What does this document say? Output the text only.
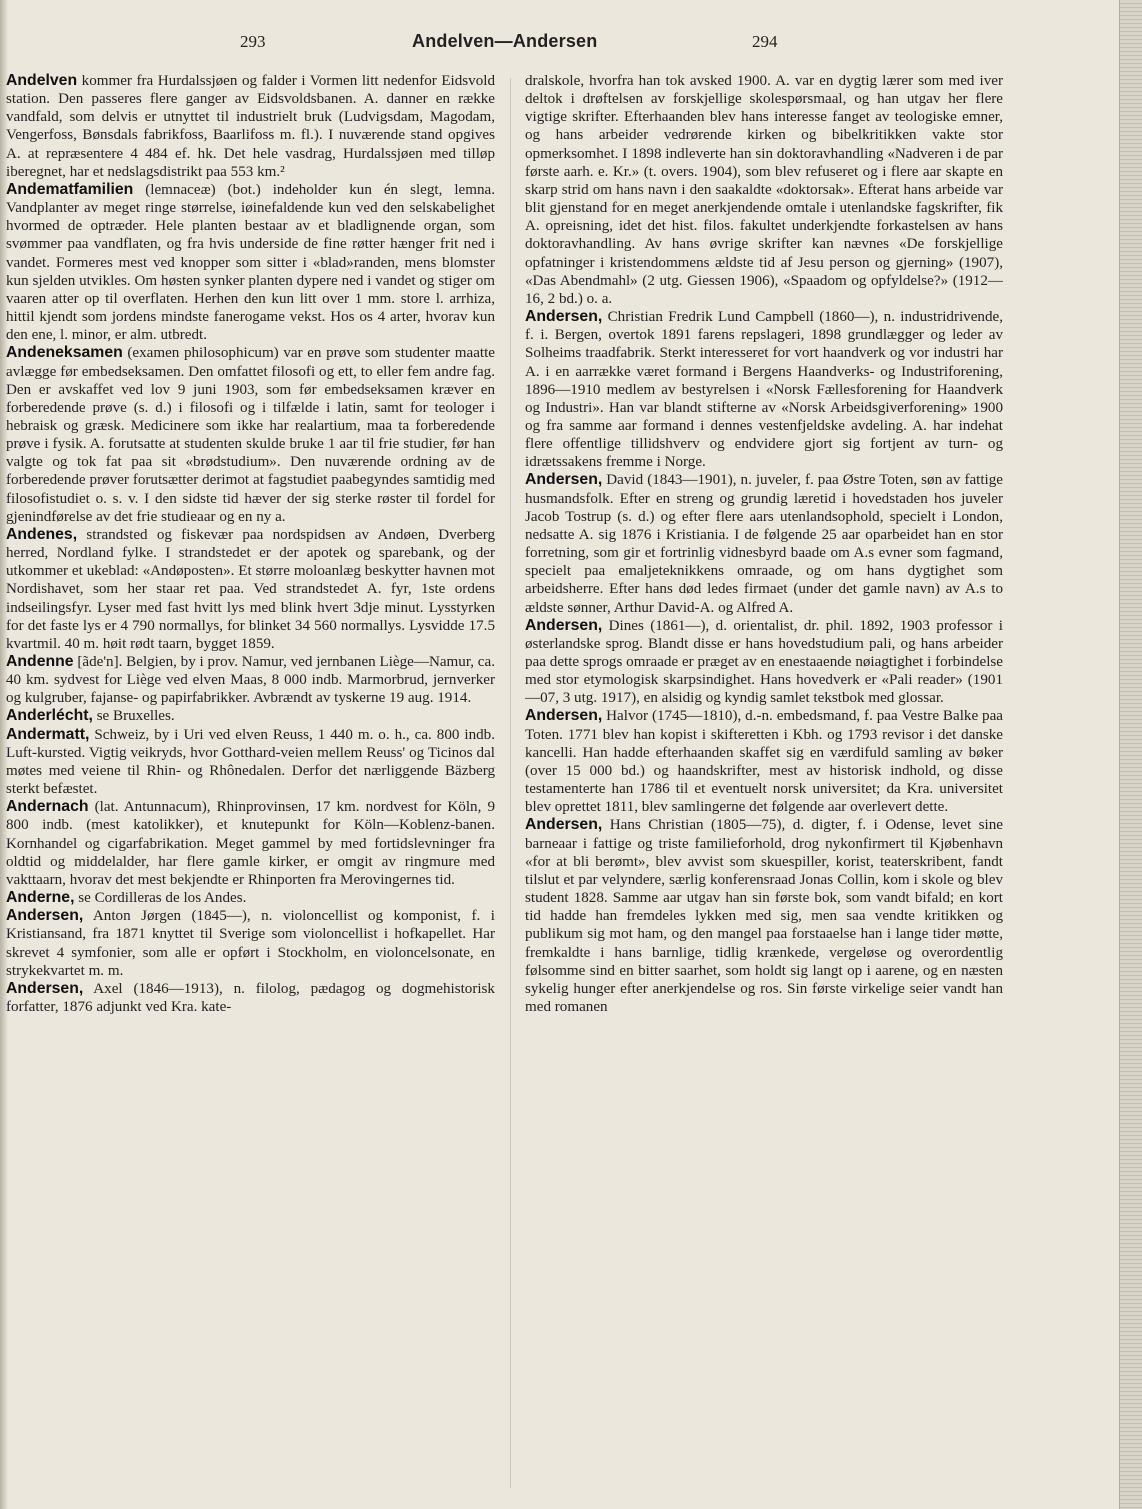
293	Andelven—Andersen	294
Andelven kommer fra Hurdalssjøen og falder i Vormen litt nedenfor Eidsvold station. Den passeres flere ganger av Eidsvoldsbanen. A. danner en række vandfald, som delvis er utnyttet til industrielt bruk (Ludvigsdam, Magodam, Vengerfoss, Bønsdals fabrikfoss, Baarlifoss m. fl.). I nuværende stand opgives A. at repræsentere 4 484 ef. hk. Det hele vasdrag, Hurdalssjøen med tilløp iberegnet, har et nedslagsdistrikt paa 553 km.²
Andematfamilien (lemnaceæ) (bot.) indeholder kun én slegt, lemna. Vandplanter av meget ringe størrelse, iøinefaldende kun ved den selskabelighet hvormed de optræder. Hele planten bestaar av et bladlignende organ, som svømmer paa vandflaten, og fra hvis underside de fine røtter hænger frit ned i vandet. Formeres mest ved knopper som sitter i «blad»randen, mens blomster kun sjelden utvikles. Om høsten synker planten dypere ned i vandet og stiger om vaaren atter op til overflaten. Herhen den kun litt over 1 mm. store l. arrhiza, hittil kjendt som jordens mindste fanerogame vekst. Hos os 4 arter, hvorav kun den ene, l. minor, er alm. utbredt.
Andeneksamen (examen philosophicum) var en prøve som studenter maatte avlægge før embedseksamen. Den omfattet filosofi og ett, to eller fem andre fag. Den er avskaffet ved lov 9 juni 1903, som før embedseksamen kræver en forberedende prøve (s. d.) i filosofi og i tilfælde i latin, samt for teologer i hebraisk og græsk. Medicinere som ikke har realartium, maa ta forberedende prøve i fysik. A. forutsatte at studenten skulde bruke 1 aar til frie studier, før han valgte og tok fat paa sit «brødstudium». Den nuværende ordning av de forberedende prøver forutsætter derimot at fagstudiet paabegyndes samtidig med filosofistudiet o. s. v. I den sidste tid hæver der sig sterke røster til fordel for gjenindførelse av det frie studieaar og en ny a.
Andenes, strandsted og fiskevær paa nordspidsen av Andøen, Dverberg herred, Nordland fylke. I strandstedet er der apotek og sparebank, og der utkommer et ukeblad: «Andøposten». Et større moloanlæg beskytter havnen mot Nordishavet, som her staar ret paa. Ved strandstedet A. fyr, 1ste ordens indseilingsfyr. Lyser med fast hvitt lys med blink hvert 3dje minut. Lysstyrken for det faste lys er 4 790 normallys, for blinket 34 560 normallys. Lysvidde 17.5 kvartmil. 40 m. høit rødt taarn, bygget 1859.
Andenne [ãde'n]. Belgien, by i prov. Namur, ved jernbanen Liège—Namur, ca. 40 km. sydvest for Liège ved elven Maas, 8 000 indb. Marmorbrud, jernverker og kulgruber, fajanse- og papirfabrikker. Avbrændt av tyskerne 19 aug. 1914.
Anderlécht, se Bruxelles.
Andermatt, Schweiz, by i Uri ved elven Reuss, 1 440 m. o. h., ca. 800 indb. Luft-kursted. Vigtig veikryds, hvor Gotthard-veien mellem Reuss' og Ticinos dal møtes med veiene til Rhin- og Rhônedalen. Derfor det nærliggende Bäzberg sterkt befæstet.
Andernach (lat. Antunnacum), Rhinprovinsen, 17 km. nordvest for Köln, 9 800 indb. (mest katolikker), et knutepunkt for Köln—Koblenz-banen. Kornhandel og cigarfabrikation. Meget gammel by med fortidslevninger fra oldtid og middelalder, har flere gamle kirker, er omgit av ringmure med vakttaarn, hvorav det mest bekjendte er Rhinporten fra Merovingernes tid.
Anderne, se Cordilleras de los Andes.
Andersen, Anton Jørgen (1845—), n. violoncellist og komponist, f. i Kristiansand, fra 1871 knyttet til Sverige som violoncellist i hofkapellet. Har skrevet 4 symfonier, som alle er opført i Stockholm, en violoncelsonate, en strykekvartet m. m.
Andersen, Axel (1846—1913), n. filolog, pædagog og dogmehistorisk forfatter, 1876 adjunkt ved Kra. kate-
dralskole, hvorfra han tok avsked 1900. A. var en dygtig lærer som med iver deltok i drøftelsen av forskjellige skolespørsmaal, og han utgav her flere vigtige skrifter. Efterhaanden blev hans interesse fanget av teologiske emner, og hans arbeider vedrørende kirken og bibelkritikken vakte stor opmerksomhet. I 1898 indleverte han sin doktoravhandling «Nadveren i de par første aarh. e. Kr.» (t. overs. 1904), som blev refuseret og i flere aar skapte en skarp strid om hans navn i den saakaldte «doktorsak». Efterat hans arbeide var blit gjenstand for en meget anerkjendende omtale i utenlandske fagskrifter, fik A. opreisning, idet det hist. filos. fakultet underkjendte forkastelsen av hans doktoravhandling. Av hans øvrige skrifter kan nævnes «De forskjellige opfatninger i kristendommens ældste tid af Jesu person og gjerning» (1907), «Das Abendmahl» (2 utg. Giessen 1906), «Spaadom og opfyldelse?» (1912—16, 2 bd.) o. a.
Andersen, Christian Fredrik Lund Campbell (1860—), n. industridrivende, f. i. Bergen, overtok 1891 farens repslageri, 1898 grundlægger og leder av Solheims traadfabrik. Sterkt interesseret for vort haandverk og vor industri har A. i en aarrække været formand i Bergens Haandverks- og Industriforening, 1896—1910 medlem av bestyrelsen i «Norsk Fællesforening for Haandverk og Industri». Han var blandt stifterne av «Norsk Arbeidsgiverforening» 1900 og fra samme aar formand i dennes vestenfjeldske avdeling. A. har indehat flere offentlige tillidshverv og endvidere gjort sig fortjent av turn- og idrætssakens fremme i Norge.
Andersen, David (1843—1901), n. juveler, f. paa Østre Toten, søn av fattige husmandsfolk. Efter en streng og grundig læretid i hovedstaden hos juveler Jacob Tostrup (s. d.) og efter flere aars utenlandsophold, specielt i London, nedsatte A. sig 1876 i Kristiania. I de følgende 25 aar oparbeidet han en stor forretning, som gir et fortrinlig vidnesbyrd baade om A.s evner som fagmand, specielt paa emaljeteknikkens omraade, og om hans dygtighet som arbeidsherre. Efter hans død ledes firmaet (under det gamle navn) av A.s to ældste sønner, Arthur David-A. og Alfred A.
Andersen, Dines (1861—), d. orientalist, dr. phil. 1892, 1903 professor i østerlandske sprog. Blandt disse er hans hovedstudium pali, og hans arbeider paa dette sprogs omraade er præget av en enestaaende nøiagtighet i forbindelse med stor etymologisk skarpsindighet. Hans hovedverk er «Pali reader» (1901—07, 3 utg. 1917), en alsidig og kyndig samlet tekstbok med glossar.
Andersen, Halvor (1745—1810), d.-n. embedsmand, f. paa Vestre Balke paa Toten. 1771 blev han kopist i skifteretten i Kbh. og 1793 revisor i det danske kancelli. Han hadde efterhaanden skaffet sig en værdifuld samling av bøker (over 15 000 bd.) og haandskrifter, mest av historisk indhold, og disse testamenterte han 1786 til et eventuelt norsk universitet; da Kra. universitet blev oprettet 1811, blev samlingerne det følgende aar overlevert dette.
Andersen, Hans Christian (1805—75), d. digter, f. i Odense, levet sine barneaar i fattige og triste familieforhold, drog nykonfirmert til Kjøbenhavn «for at bli berømt», blev avvist som skuespiller, korist, teaterskribent, fandt tilslut et par velyndere, særlig konferensraad Jonas Collin, kom i skole og blev student 1828. Samme aar utgav han sin første bok, som vandt bifald; en kort tid hadde han fremdeles lykken med sig, men saa vendte kritikken og publikum sig mot ham, og den mangel paa forstaaelse han i lange tider møtte, fremkaldte i hans barnlige, tidlig krænkede, vergeløse og overordentlig følsomme sind en bitter saarhet, som holdt sig langt op i aarene, og en næsten sykelig hunger efter anerkjendelse og ros. Sin første virkelige seier vandt han med romanen
